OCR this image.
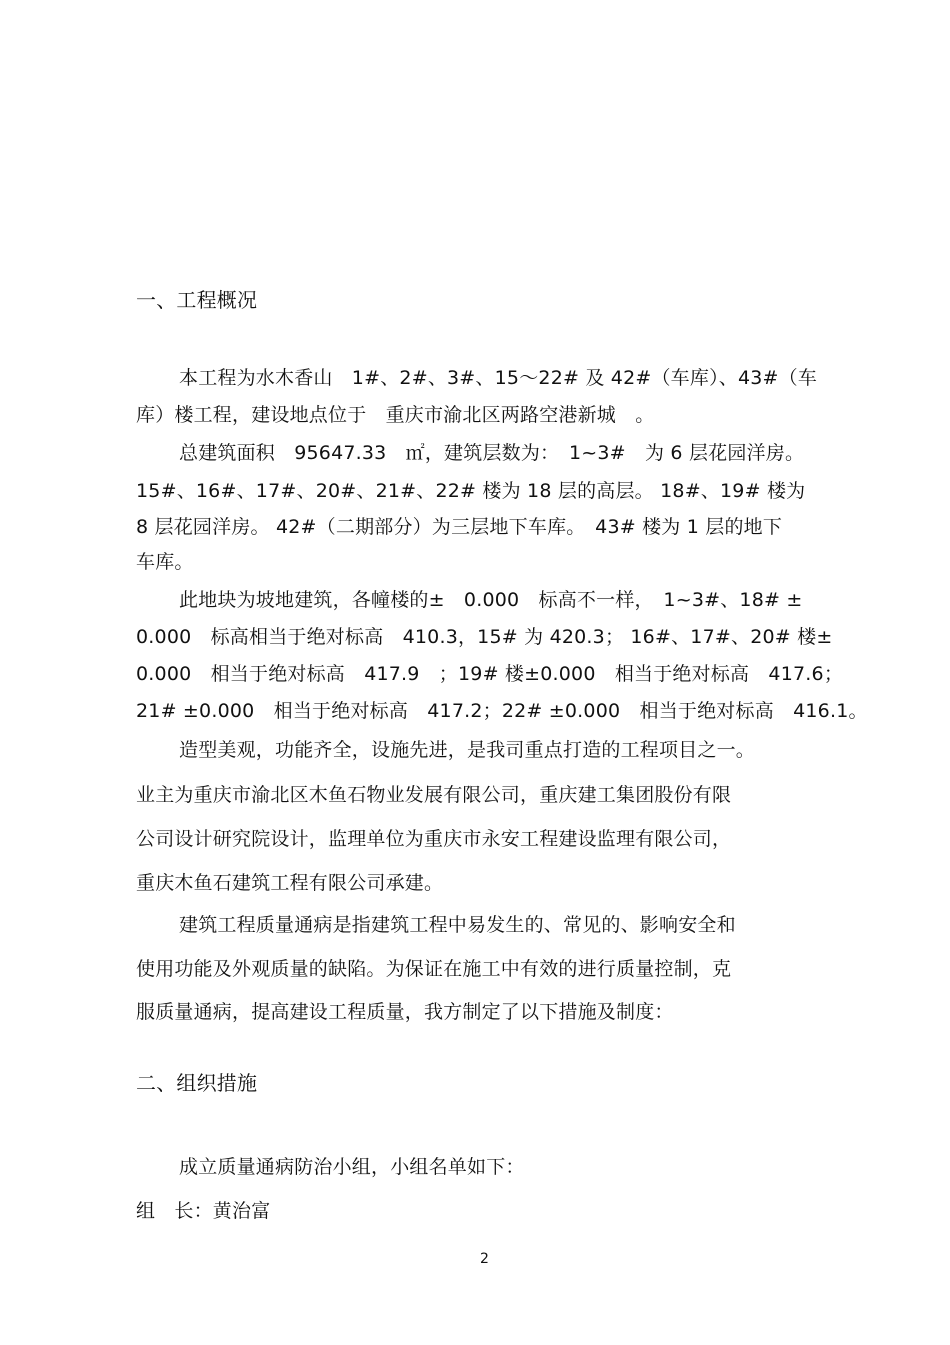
一、工程概况
本工程为水木香山　1#、2#、3#、15～22# 及 42#（车库）、43#（车
库）楼工程，建设地点位于　重庆市渝北区两路空港新城　。
总建筑面积　95647.33　㎡，建筑层数为：　1~3#　为 6 层花园洋房。
15#、16#、17#、20#、21#、22# 楼为 18 层的高层。 18#、19# 楼为
8 层花园洋房。 42#（二期部分）为三层地下车库。　43# 楼为 1 层的地下
车库。
此地块为坡地建筑，各幢楼的±　0.000　标高不一样，　1~3#、18# ±
0.000　标高相当于绝对标高　410.3，15# 为 420.3； 16#、17#、20# 楼±
0.000　相当于绝对标高　417.9　；19# 楼±0.000　相当于绝对标高　417.6；
21# ±0.000　相当于绝对标高　417.2；22# ±0.000　相当于绝对标高　416.1。
造型美观，功能齐全，设施先进，是我司重点打造的工程项目之一。
业主为重庆市渝北区木鱼石物业发展有限公司，重庆建工集团股份有限
公司设计研究院设计，监理单位为重庆市永安工程建设监理有限公司，
重庆木鱼石建筑工程有限公司承建。
建筑工程质量通病是指建筑工程中易发生的、常见的、影响安全和
使用功能及外观质量的缺陷。为保证在施工中有效的进行质量控制，克
服质量通病，提高建设工程质量，我方制定了以下措施及制度：
二、组织措施
成立质量通病防治小组，小组名单如下：
组　长：黄治富
2
